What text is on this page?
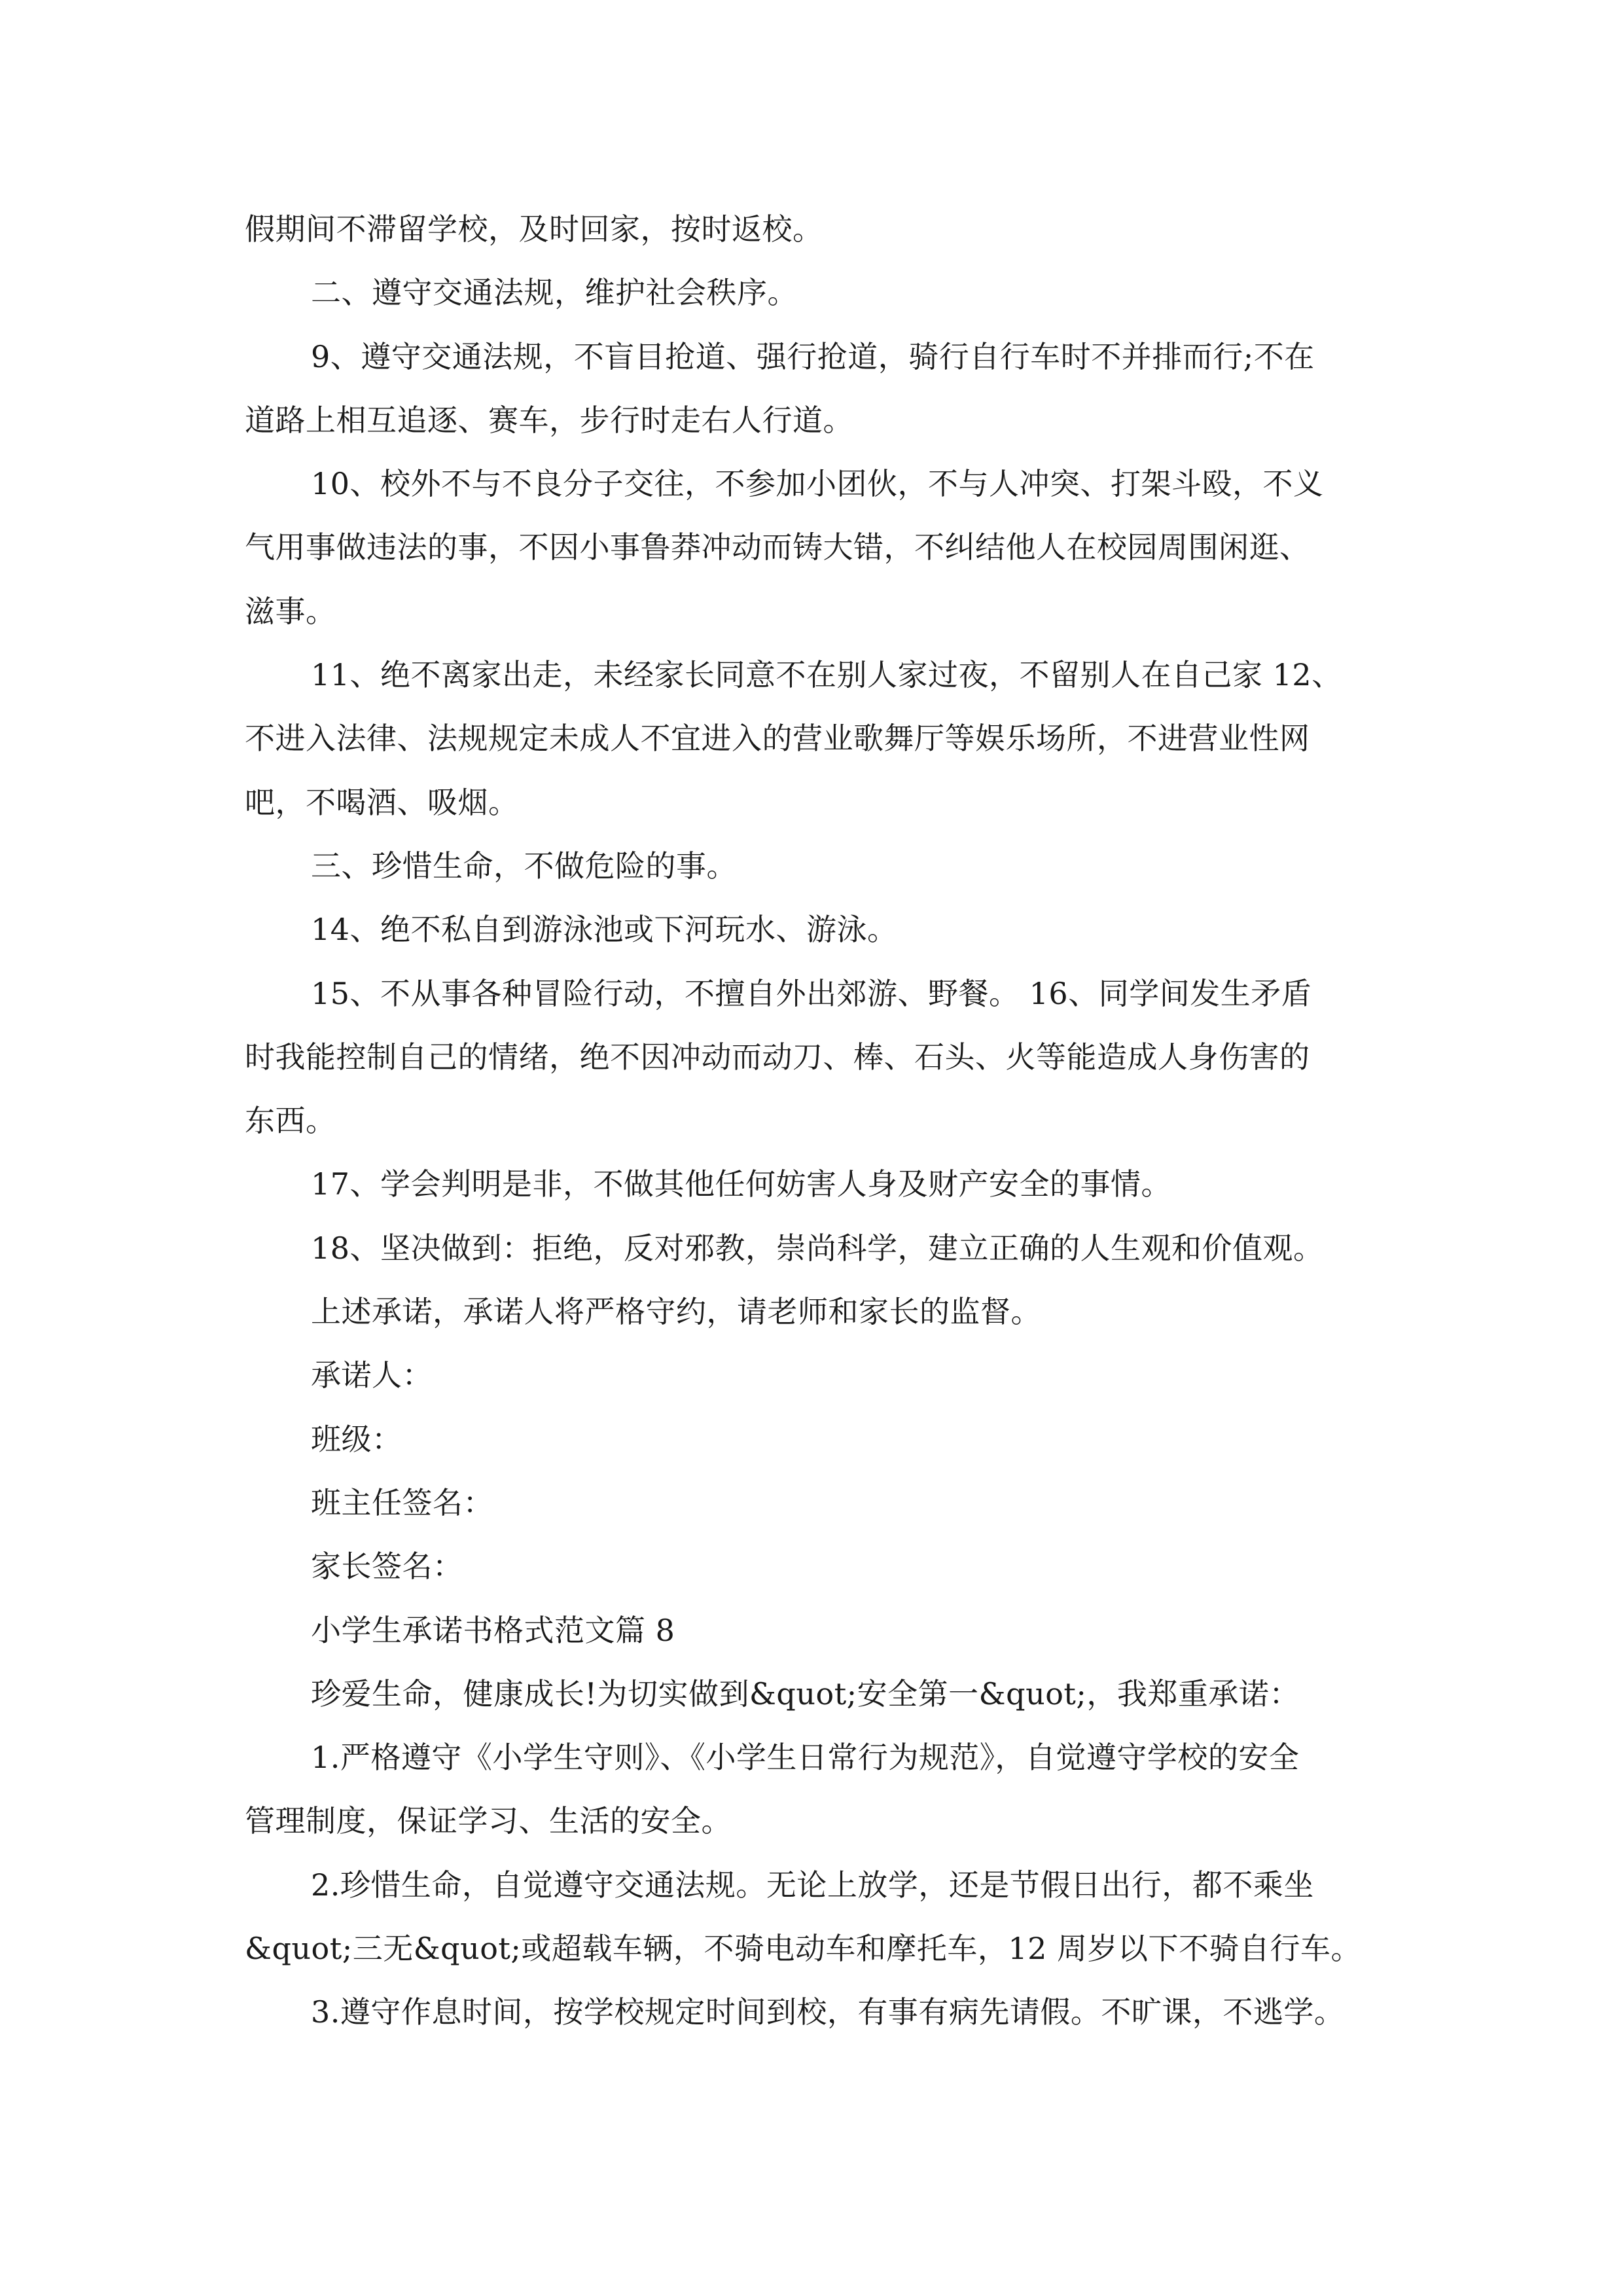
假期间不滞留学校，及时回家，按时返校。

二、遵守交通法规，维护社会秩序。

9、遵守交通法规，不盲目抢道、强行抢道，骑行自行车时不并排而行;不在

道路上相互追逐、赛车，步行时走右人行道。

10、校外不与不良分子交往，不参加小团伙，不与人冲突、打架斗殴，不义

气用事做违法的事，不因小事鲁莽冲动而铸大错，不纠结他人在校园周围闲逛、

滋事。

11、绝不离家出走，未经家长同意不在别人家过夜，不留别人在自己家 12、

不进入法律、法规规定未成人不宜进入的营业歌舞厅等娱乐场所，不进营业性网

吧，不喝酒、吸烟。

三、珍惜生命，不做危险的事。

14、绝不私自到游泳池或下河玩水、游泳。

15、不从事各种冒险行动，不擅自外出郊游、野餐。 16、同学间发生矛盾

时我能控制自己的情绪，绝不因冲动而动刀、棒、石头、火等能造成人身伤害的

东西。

17、学会判明是非，不做其他任何妨害人身及财产安全的事情。

18、坚决做到：拒绝，反对邪教，崇尚科学，建立正确的人生观和价值观。

上述承诺，承诺人将严格守约，请老师和家长的监督。

承诺人：

班级：

班主任签名：

家长签名：

小学生承诺书格式范文篇 8

珍爱生命，健康成长!为切实做到&quot;安全第一&quot;，我郑重承诺：

1.严格遵守《小学生守则》、《小学生日常行为规范》，自觉遵守学校的安全

管理制度，保证学习、生活的安全。

2.珍惜生命，自觉遵守交通法规。无论上放学，还是节假日出行，都不乘坐

&quot;三无&quot;或超载车辆，不骑电动车和摩托车，12 周岁以下不骑自行车。

3.遵守作息时间，按学校规定时间到校，有事有病先请假。不旷课，不逃学。
